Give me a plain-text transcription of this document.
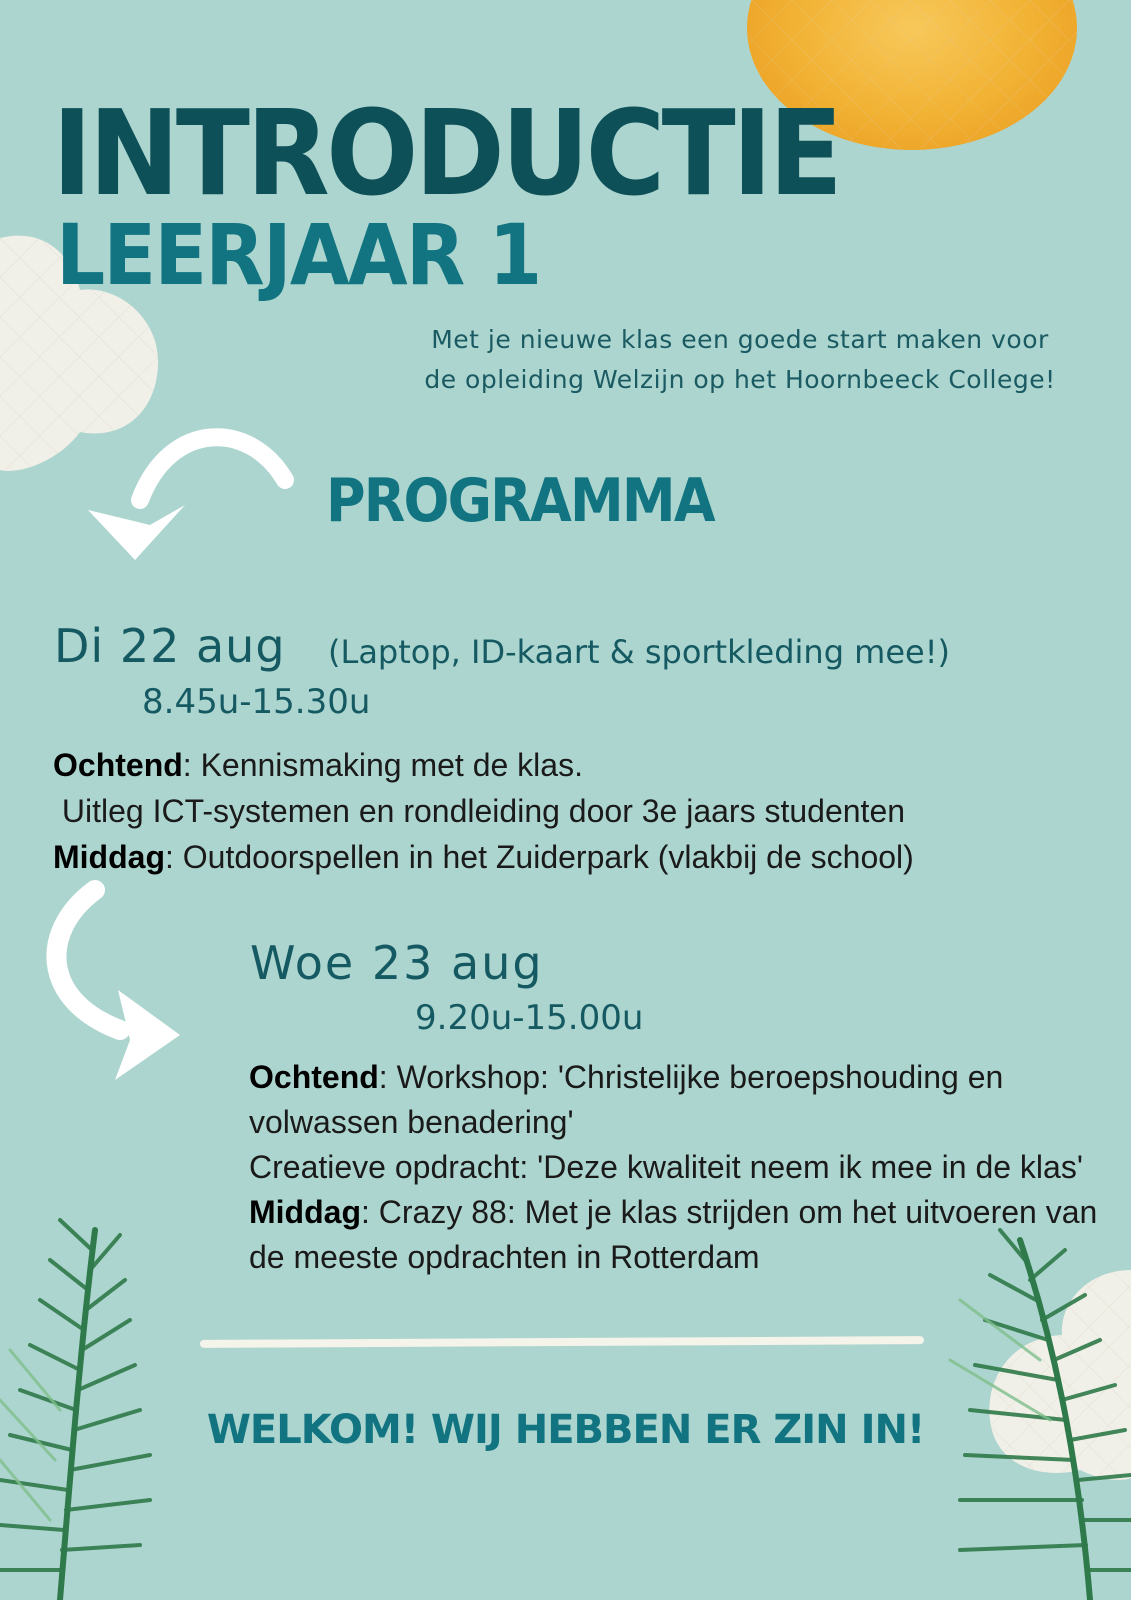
INTRODUCTIE
LEERJAAR 1
Met je nieuwe klas een goede start maken voor
de opleiding Welzijn op het Hoornbeeck College!
PROGRAMMA
Di 22 aug (Laptop, ID-kaart & sportkleding mee!)
8.45u-15.30u
Ochtend: Kennismaking met de klas.
Uitleg ICT-systemen en rondleiding door 3e jaars studenten
Middag: Outdoorspellen in het Zuiderpark (vlakbij de school)
Woe 23 aug
9.20u-15.00u
Ochtend: Workshop: 'Christelijke beroepshouding en volwassen benadering'
Creatieve opdracht: 'Deze kwaliteit neem ik mee in de klas'
Middag: Crazy 88: Met je klas strijden om het uitvoeren van de meeste opdrachten in Rotterdam
WELKOM! WIJ HEBBEN ER ZIN IN!
